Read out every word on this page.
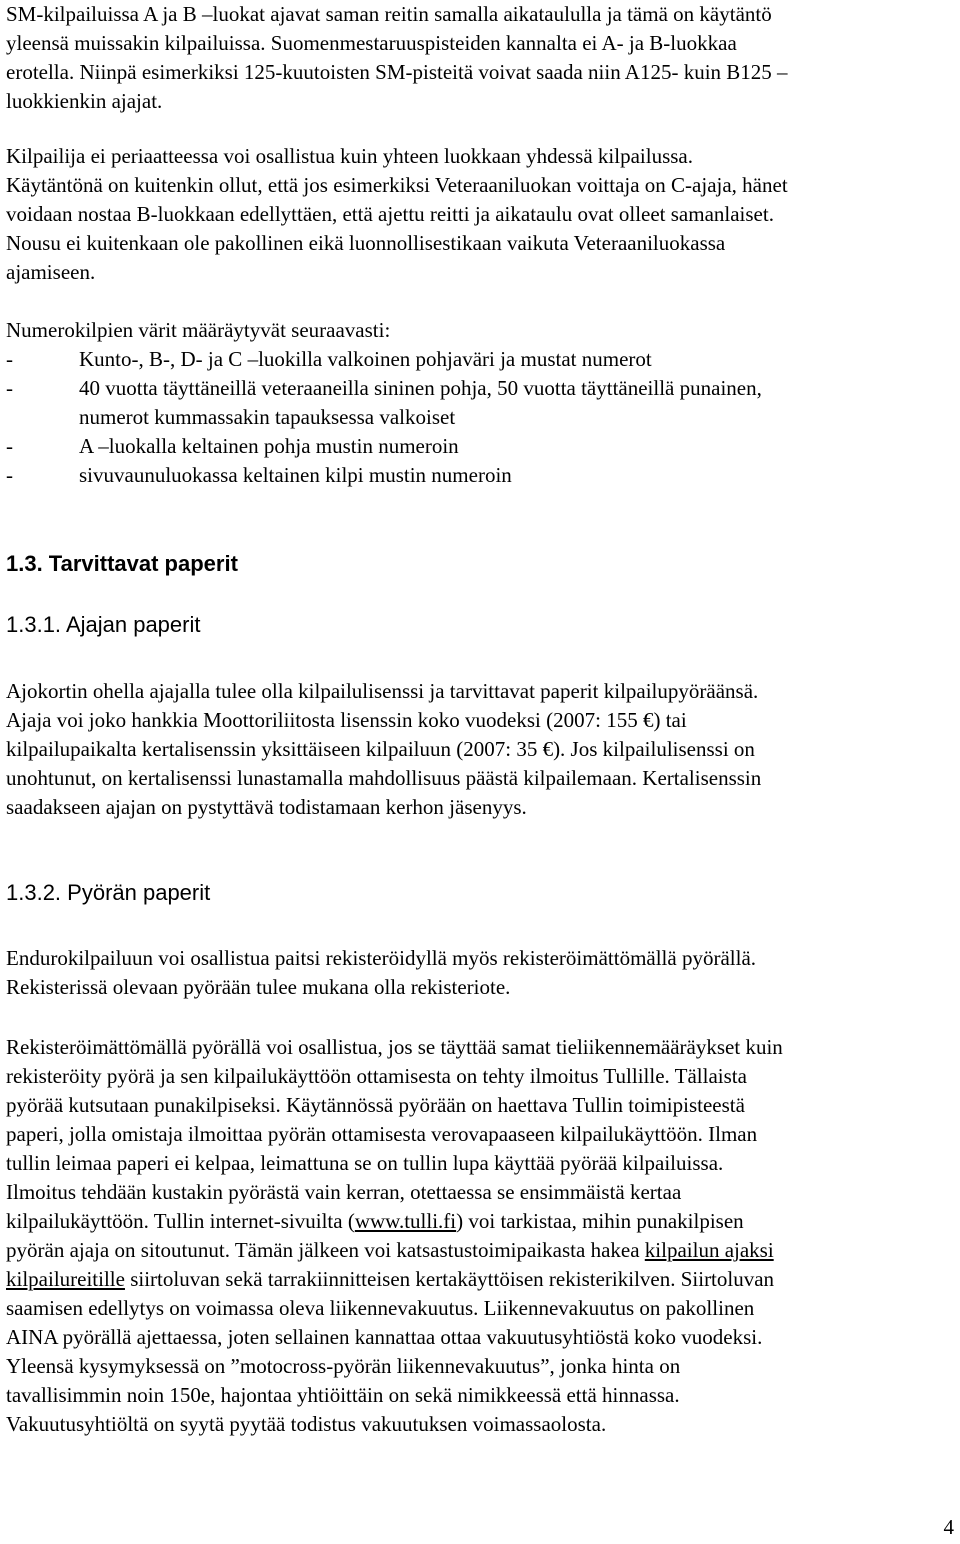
SM-kilpailuissa A ja B –luokat ajavat saman reitin samalla aikataululla ja tämä on käytäntö
yleensä muissakin kilpailuissa. Suomenmestaruuspisteiden kannalta ei A- ja B-luokkaa
erotella. Niinpä esimerkiksi 125-kuutoisten SM-pisteitä voivat saada niin A125- kuin B125 –
luokkienkin ajajat.

Kilpailija ei periaatteessa voi osallistua kuin yhteen luokkaan yhdessä kilpailussa.
Käytäntönä on kuitenkin ollut, että jos esimerkiksi Veteraaniluokan voittaja on C-ajaja, hänet
voidaan nostaa B-luokkaan edellyttäen, että ajettu reitti ja aikataulu ovat olleet samanlaiset.
Nousu ei kuitenkaan ole pakollinen eikä luonnollisestikaan vaikuta Veteraaniluokassa
ajamiseen.

Numerokilpien värit määräytyvät seuraavasti:

-	Kunto-, B-, D- ja C –luokilla valkoinen pohjaväri ja mustat numerot
-	40 vuotta täyttäneillä veteraaneilla sininen pohja, 50 vuotta täyttäneillä punainen,
numerot kummassakin tapauksessa valkoiset
-	A –luokalla keltainen pohja mustin numeroin
-	sivuvaunuluokassa keltainen kilpi mustin numeroin
1.3. Tarvittavat paperit
1.3.1. Ajajan paperit

Ajokortin ohella ajajalla tulee olla kilpailulisenssi ja tarvittavat paperit kilpailupyöräänsä.
Ajaja voi joko hankkia Moottoriliitosta lisenssin koko vuodeksi (2007: 155 €) tai
kilpailupaikalta kertalisenssin yksittäiseen kilpailuun (2007: 35 €). Jos kilpailulisenssi on
unohtunut, on kertalisenssi lunastamalla mahdollisuus päästä kilpailemaan. Kertalisenssin
saadakseen ajajan on pystyttävä todistamaan kerhon jäsenyys.

1.3.2. Pyörän paperit

Endurokilpailuun voi osallistua paitsi rekisteröidyllä myös rekisteröimättömällä pyörällä.
Rekisterissä olevaan pyörään tulee mukana olla rekisteriote.

Rekisteröimättömällä pyörällä voi osallistua, jos se täyttää samat tieliikennemääräykset kuin
rekisteröity pyörä ja sen kilpailukäyttöön ottamisesta on tehty ilmoitus Tullille. Tällaista
pyörää kutsutaan punakilpiseksi. Käytännössä pyörään on haettava Tullin toimipisteestä
paperi, jolla omistaja ilmoittaa pyörän ottamisesta verovapaaseen kilpailukäyttöön. Ilman
tullin leimaa paperi ei kelpaa, leimattuna se on tullin lupa käyttää pyörää kilpailuissa.
Ilmoitus tehdään kustakin pyörästä vain kerran, otettaessa se ensimmäistä kertaa
kilpailukäyttöön. Tullin internet-sivuilta (www.tulli.fi) voi tarkistaa, mihin punakilpisen
pyörän ajaja on sitoutunut. Tämän jälkeen voi katsastustoimipaikasta hakea kilpailun ajaksi
kilpailureitille siirtoluvan sekä tarrakiinnitteisen kertakäyttöisen rekisterikilven. Siirtoluvan
saamisen edellytys on voimassa oleva liikennevakuutus. Liikennevakuutus on pakollinen
AINA pyörällä ajettaessa, joten sellainen kannattaa ottaa vakuutusyhtiöstä koko vuodeksi.
Yleensä kysymyksessä on ”motocross-pyörän liikennevakuutus”, jonka hinta on
tavallisimmin noin 150e, hajontaa yhtiöittäin on sekä nimikkeessä että hinnassa.
Vakuutusyhtiöltä on syytä pyytää todistus vakuutuksen voimassaolosta.

4
